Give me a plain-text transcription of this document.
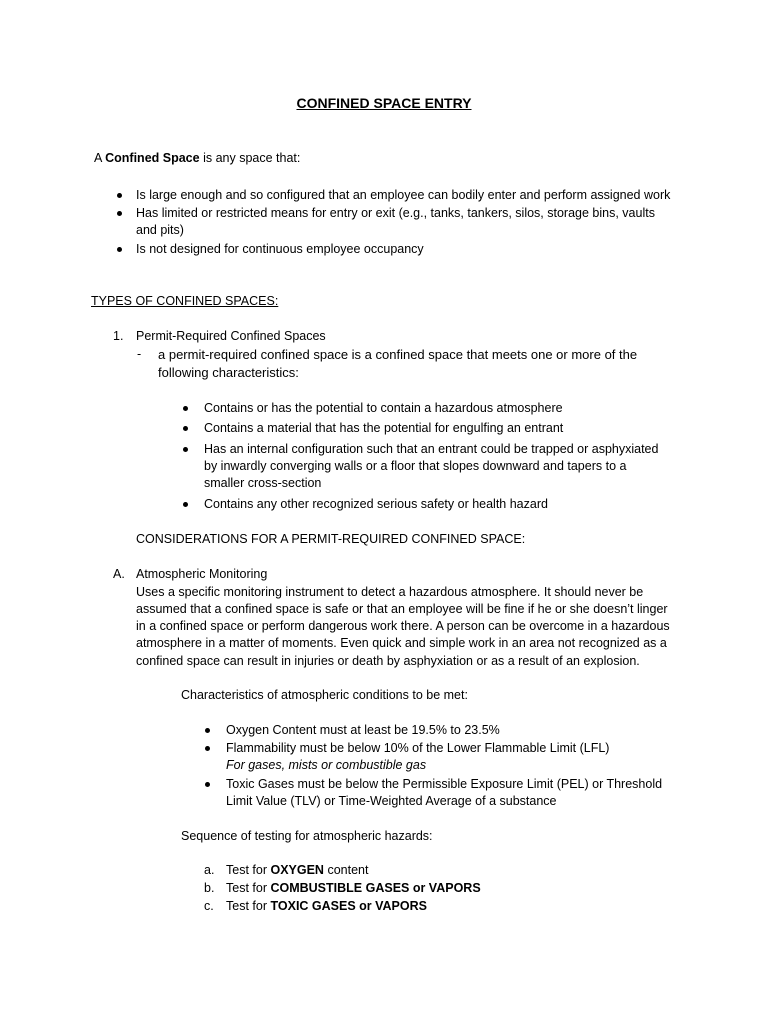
CONFINED SPACE ENTRY
A Confined Space is any space that:
Is large enough and so configured that an employee can bodily enter and perform assigned work
Has limited or restricted means for entry or exit (e.g., tanks, tankers, silos, storage bins, vaults
and pits)
Is not designed for continuous employee occupancy
TYPES OF CONFINED SPACES:
1. Permit-Required Confined Spaces
- a permit-required confined space is a confined space that meets one or more of the
following characteristics:
Contains or has the potential to contain a hazardous atmosphere
Contains a material that has the potential for engulfing an entrant
Has an internal configuration such that an entrant could be trapped or asphyxiated
by inwardly converging walls or a floor that slopes downward and tapers to a
smaller cross-section
Contains any other recognized serious safety or health hazard
CONSIDERATIONS FOR A PERMIT-REQUIRED CONFINED SPACE:
A. Atmospheric Monitoring
Uses a specific monitoring instrument to detect a hazardous atmosphere. It should never be
assumed that a confined space is safe or that an employee will be fine if he or she doesn’t linger
in a confined space or perform dangerous work there. A person can be overcome in a hazardous
atmosphere in a matter of moments. Even quick and simple work in an area not recognized as a
confined space can result in injuries or death by asphyxiation or as a result of an explosion.
Characteristics of atmospheric conditions to be met:
Oxygen Content must at least be 19.5% to 23.5%
Flammability must be below 10% of the Lower Flammable Limit (LFL)
For gases, mists or combustible gas
Toxic Gases must be below the Permissible Exposure Limit (PEL) or Threshold
Limit Value (TLV) or Time-Weighted Average of a substance
Sequence of testing for atmospheric hazards:
a. Test for OXYGEN content
b. Test for COMBUSTIBLE GASES or VAPORS
c. Test for TOXIC GASES or VAPORS
